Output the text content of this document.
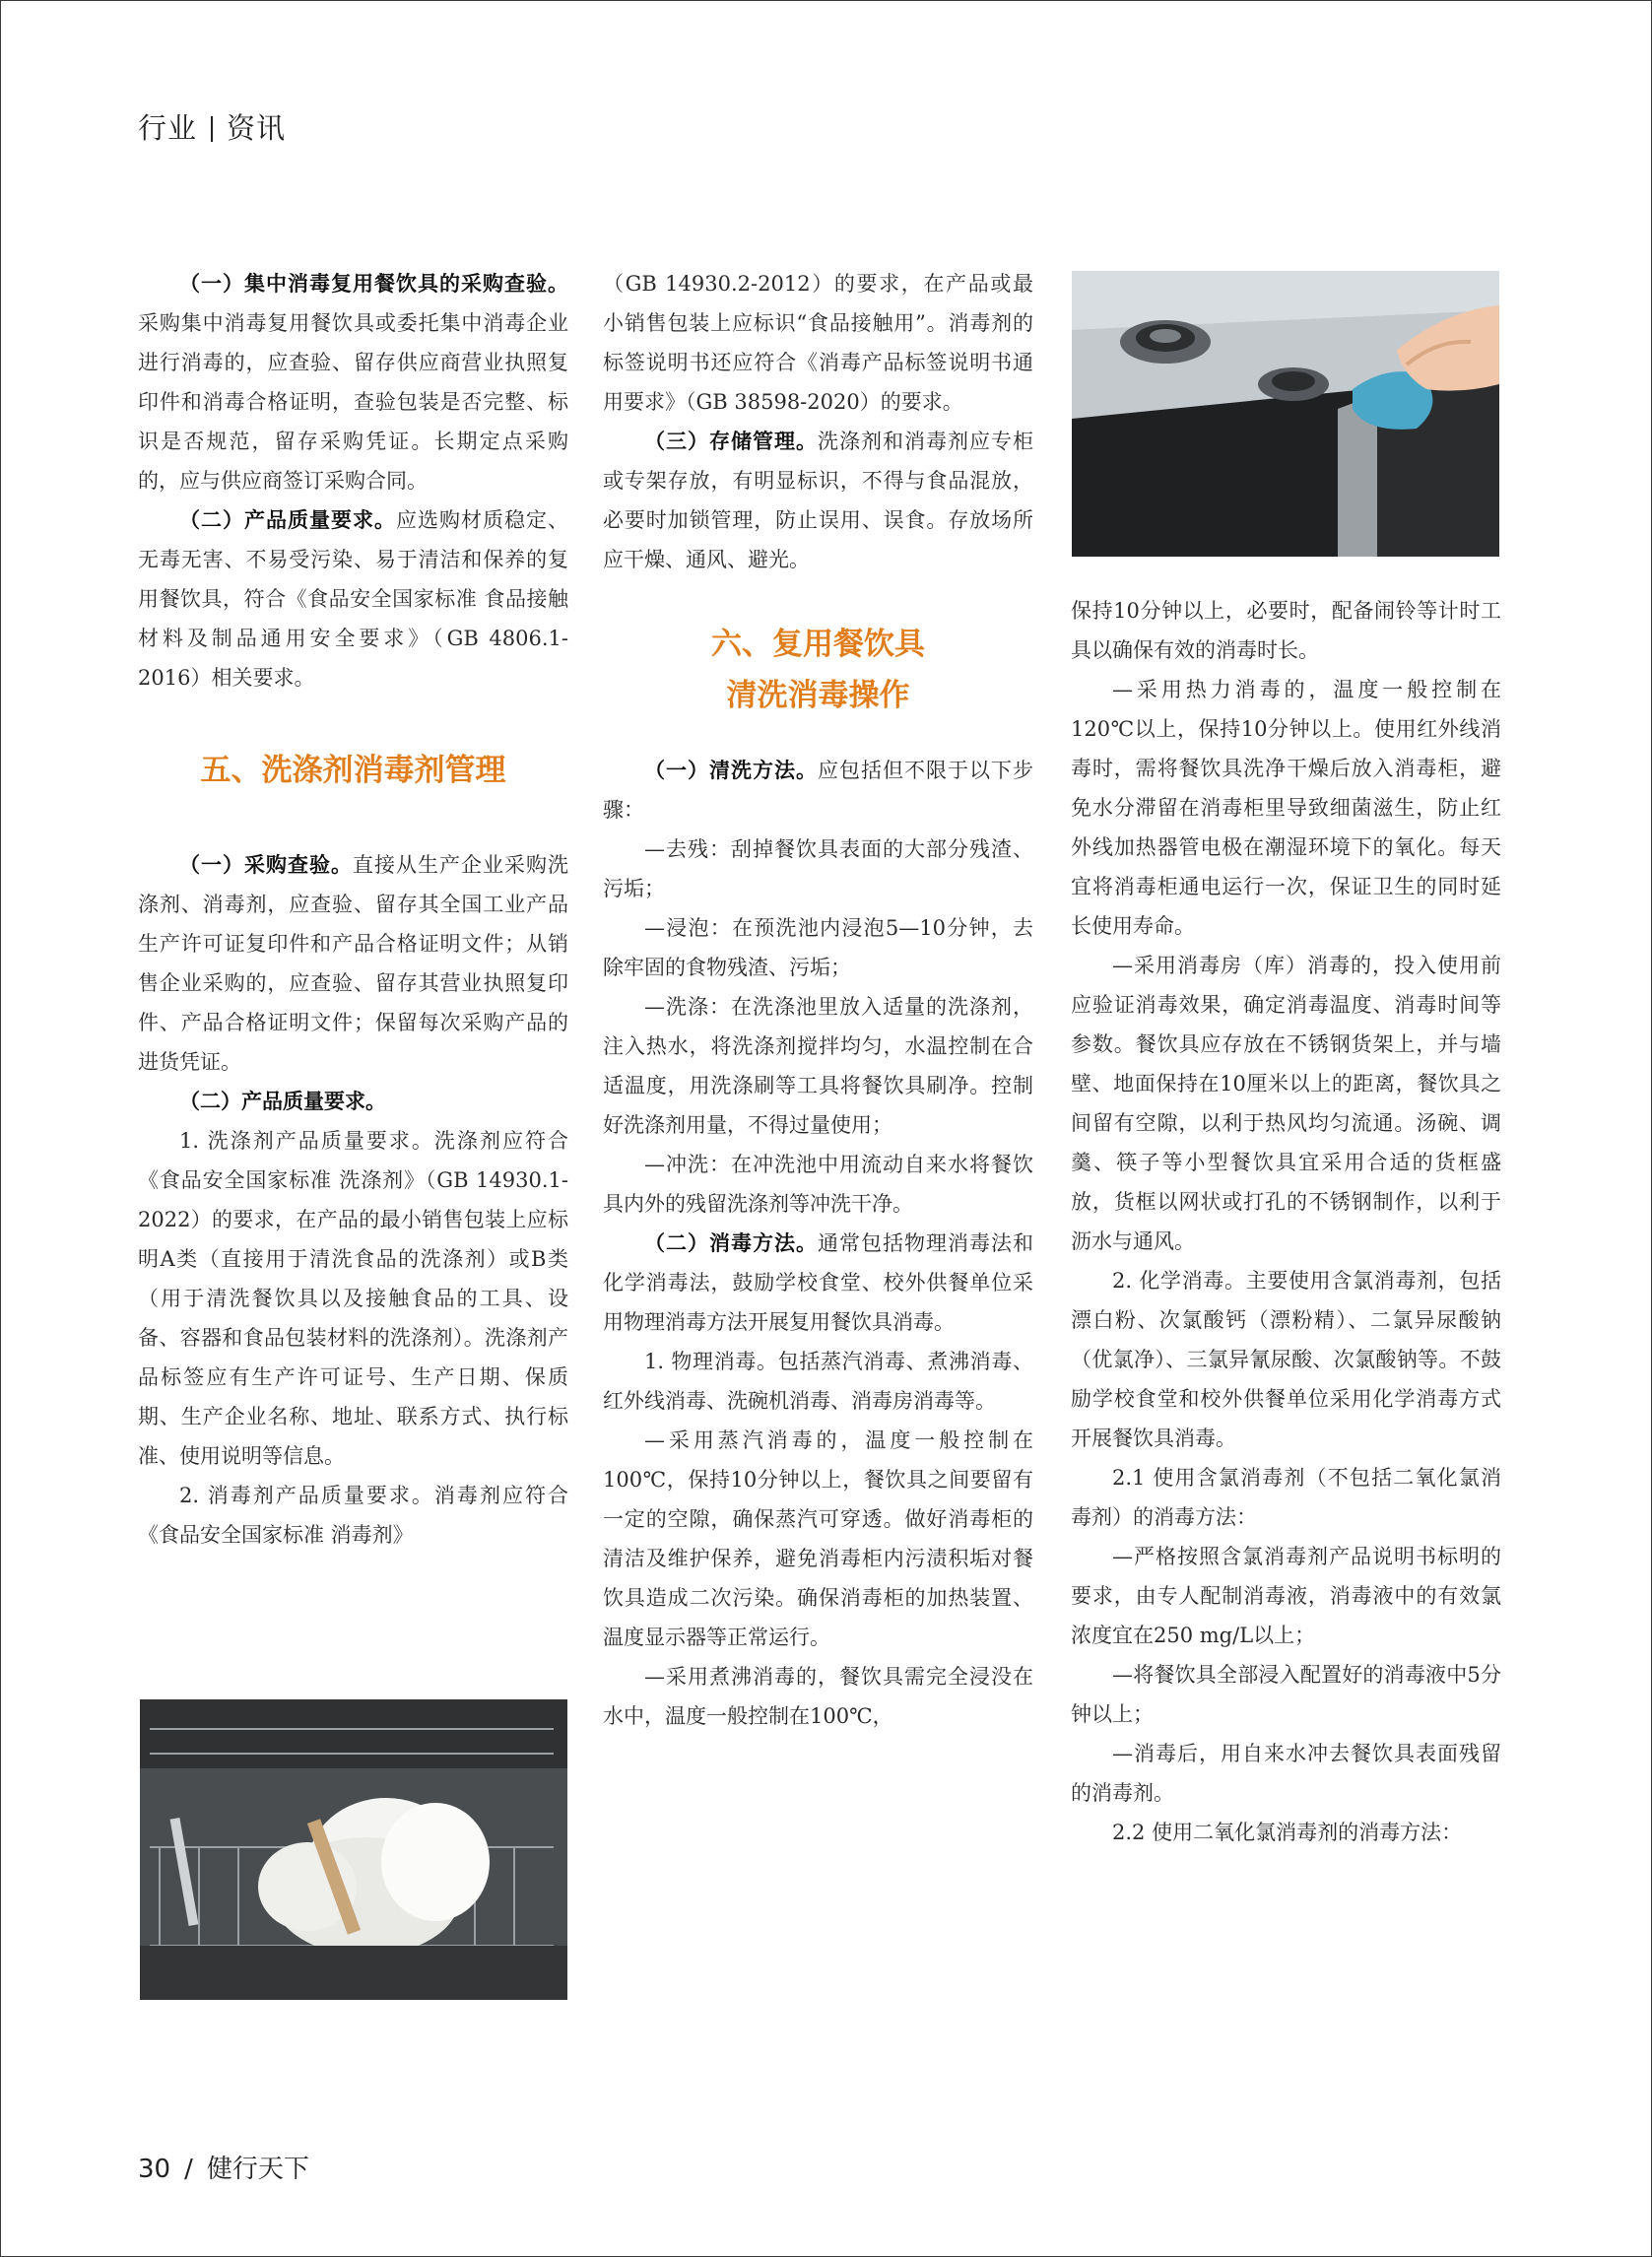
行业 资讯

（一）集中消毒复用餐饮具的采购查验。采购集中消毒复用餐饮具或委托集中消毒企业进行消毒的，应查验、留存供应商营业执照复印件和消毒合格证明，查验包装是否完整、标识是否规范，留存采购凭证。长期定点采购的，应与供应商签订采购合同。

（二）产品质量要求。应选购材质稳定、无毒无害、不易受污染、易于清洁和保养的复用餐饮具，符合《食品安全国家标准 食品接触材料及制品通用安全要求》（GB 4806.1-2016）相关要求。

五、洗涤剂消毒剂管理

（一）采购查验。直接从生产企业采购洗涤剂、消毒剂，应查验、留存其全国工业产品生产许可证复印件和产品合格证明文件；从销售企业采购的，应查验、留存其营业执照复印件、产品合格证明文件；保留每次采购产品的进货凭证。

（二）产品质量要求。

1. 洗涤剂产品质量要求。洗涤剂应符合《食品安全国家标准 洗涤剂》（GB 14930.1-2022）的要求，在产品的最小销售包装上应标明A类（直接用于清洗食品的洗涤剂）或B类（用于清洗餐饮具以及接触食品的工具、设备、容器和食品包装材料的洗涤剂）。洗涤剂产品标签应有生产许可证号、生产日期、保质期、生产企业名称、地址、联系方式、执行标准、使用说明等信息。

2. 消毒剂产品质量要求。消毒剂应符合《食品安全国家标准 消毒剂》

（GB 14930.2-2012）的要求，在产品或最小销售包装上应标识“食品接触用”。消毒剂的标签说明书还应符合《消毒产品标签说明书通用要求》（GB 38598-2020）的要求。

（三）存储管理。洗涤剂和消毒剂应专柜或专架存放，有明显标识，不得与食品混放，必要时加锁管理，防止误用、误食。存放场所应干燥、通风、避光。

六、复用餐饮具
清洗消毒操作

（一）清洗方法。应包括但不限于以下步骤：

—去残：刮掉餐饮具表面的大部分残渣、污垢；

—浸泡：在预洗池内浸泡5—10分钟，去除牢固的食物残渣、污垢；

—洗涤：在洗涤池里放入适量的洗涤剂，注入热水，将洗涤剂搅拌均匀，水温控制在合适温度，用洗涤刷等工具将餐饮具刷净。控制好洗涤剂用量，不得过量使用；

—冲洗：在冲洗池中用流动自来水将餐饮具内外的残留洗涤剂等冲洗干净。

（二）消毒方法。通常包括物理消毒法和化学消毒法，鼓励学校食堂、校外供餐单位采用物理消毒方法开展复用餐饮具消毒。

1. 物理消毒。包括蒸汽消毒、煮沸消毒、红外线消毒、洗碗机消毒、消毒房消毒等。

—采用蒸汽消毒的，温度一般控制在100℃，保持10分钟以上，餐饮具之间要留有一定的空隙，确保蒸汽可穿透。做好消毒柜的清洁及维护保养，避免消毒柜内污渍积垢对餐饮具造成二次污染。确保消毒柜的加热装置、温度显示器等正常运行。

—采用煮沸消毒的，餐饮具需完全浸没在水中，温度一般控制在100℃，

保持10分钟以上，必要时，配备闹铃等计时工具以确保有效的消毒时长。

—采用热力消毒的，温度一般控制在120℃以上，保持10分钟以上。使用红外线消毒时，需将餐饮具洗净干燥后放入消毒柜，避免水分滞留在消毒柜里导致细菌滋生，防止红外线加热器管电极在潮湿环境下的氧化。每天宜将消毒柜通电运行一次，保证卫生的同时延长使用寿命。

—采用消毒房（库）消毒的，投入使用前应验证消毒效果，确定消毒温度、消毒时间等参数。餐饮具应存放在不锈钢货架上，并与墙壁、地面保持在10厘米以上的距离，餐饮具之间留有空隙，以利于热风均匀流通。汤碗、调羹、筷子等小型餐饮具宜采用合适的货框盛放，货框以网状或打孔的不锈钢制作，以利于沥水与通风。

2. 化学消毒。主要使用含氯消毒剂，包括漂白粉、次氯酸钙（漂粉精）、二氯异尿酸钠（优氯净）、三氯异氰尿酸、次氯酸钠等。不鼓励学校食堂和校外供餐单位采用化学消毒方式开展餐饮具消毒。

2.1 使用含氯消毒剂（不包括二氧化氯消毒剂）的消毒方法：

—严格按照含氯消毒剂产品说明书标明的要求，由专人配制消毒液，消毒液中的有效氯浓度宜在250 mg/L以上；

—将餐饮具全部浸入配置好的消毒液中5分钟以上；

—消毒后，用自来水冲去餐饮具表面残留的消毒剂。

2.2 使用二氧化氯消毒剂的消毒方法：

30 / 健行天下
